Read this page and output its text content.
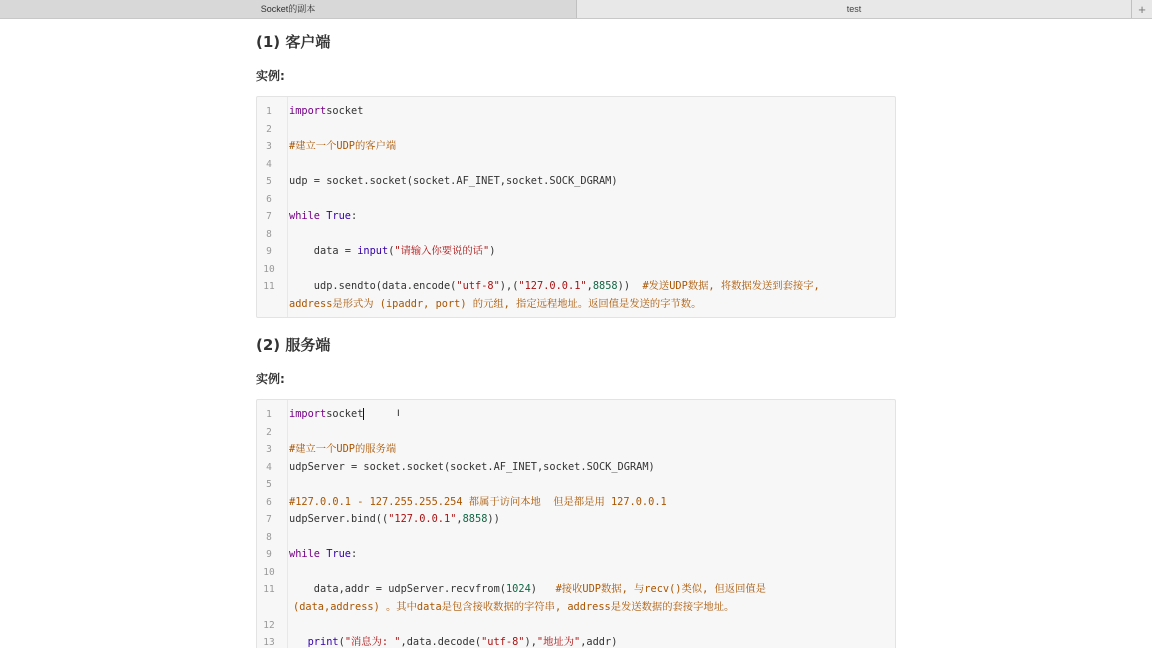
Socket的副本	test	+
(1) 客户端
实例:
1	importsocket
2
3	#建立一个UDP的客户端
4
5	udp = socket.socket(socket.AF_INET,socket.SOCK_DGRAM)
6
7	while True:
8
9	data = input("请输入你要说的话")
10
11	udp.sendto(data.encode("utf-8"),("127.0.0.1",8858))  #发送UDP数据, 将数据发送到套接字,
address是形式为 (ipaddr, port) 的元组, 指定远程地址。返回值是发送的字节数。
(2) 服务端
实例:
1	importsocket
2
3	#建立一个UDP的服务端
4	udpServer = socket.socket(socket.AF_INET,socket.SOCK_DGRAM)
5
6	#127.0.0.1 - 127.255.255.254 都属于访问本地  但是都是用 127.0.0.1
7	udpServer.bind(("127.0.0.1",8858))
8
9	while True:
10
11	data,addr = udpServer.recvfrom(1024)   #接收UDP数据, 与recv()类似, 但返回值是
(data,address) 。其中data是包含接收数据的字符串, address是发送数据的套接字地址。
12
13	print("消息为: ",data.decode("utf-8"),"地址为",addr)
I
